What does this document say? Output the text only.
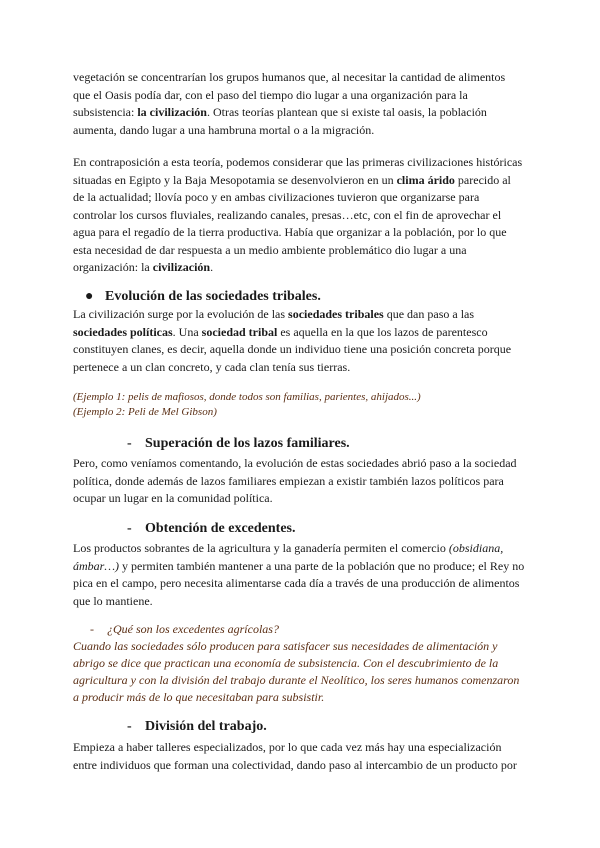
vegetación se concentrarían los grupos humanos que, al necesitar la cantidad de alimentos
que el Oasis podía dar, con el paso del tiempo dio lugar a una organización para la
subsistencia: la civilización. Otras teorías plantean que si existe tal oasis, la población
aumenta, dando lugar a una hambruna mortal o a la migración.

En contraposición a esta teoría, podemos considerar que las primeras civilizaciones históricas
situadas en Egipto y la Baja Mesopotamia se desenvolvieron en un clima árido parecido al
de la actualidad; llovía poco y en ambas civilizaciones tuvieron que organizarse para
controlar los cursos fluviales, realizando canales, presas…etc, con el fin de aprovechar el
agua para el regadío de la tierra productiva. Había que organizar a la población, por lo que
esta necesidad de dar respuesta a un medio ambiente problemático dio lugar a una
organización: la civilización.

● Evolución de las sociedades tribales.

La civilización surge por la evolución de las sociedades tribales que dan paso a las
sociedades políticas. Una sociedad tribal es aquella en la que los lazos de parentesco
constituyen clanes, es decir, aquella donde un individuo tiene una posición concreta porque
pertenece a un clan concreto, y cada clan tenía sus tierras.

(Ejemplo 1: pelis de mafiosos, donde todos son familias, parientes, ahijados...)
(Ejemplo 2: Peli de Mel Gibson)

- Superación de los lazos familiares.

Pero, como veníamos comentando, la evolución de estas sociedades abrió paso a la sociedad
política, donde además de lazos familiares empiezan a existir también lazos políticos para
ocupar un lugar en la comunidad política.

- Obtención de excedentes.

Los productos sobrantes de la agricultura y la ganadería permiten el comercio (obsidiana,
ámbar…) y permiten también mantener a una parte de la población que no produce; el Rey no
pica en el campo, pero necesita alimentarse cada día a través de una producción de alimentos
que lo mantiene.

- ¿Qué son los excedentes agrícolas?

Cuando las sociedades sólo producen para satisfacer sus necesidades de alimentación y
abrigo se dice que practican una economía de subsistencia. Con el descubrimiento de la
agricultura y con la división del trabajo durante el Neolítico, los seres humanos comenzaron
a producir más de lo que necesitaban para subsistir.

- División del trabajo.

Empieza a haber talleres especializados, por lo que cada vez más hay una especialización
entre individuos que forman una colectividad, dando paso al intercambio de un producto por
